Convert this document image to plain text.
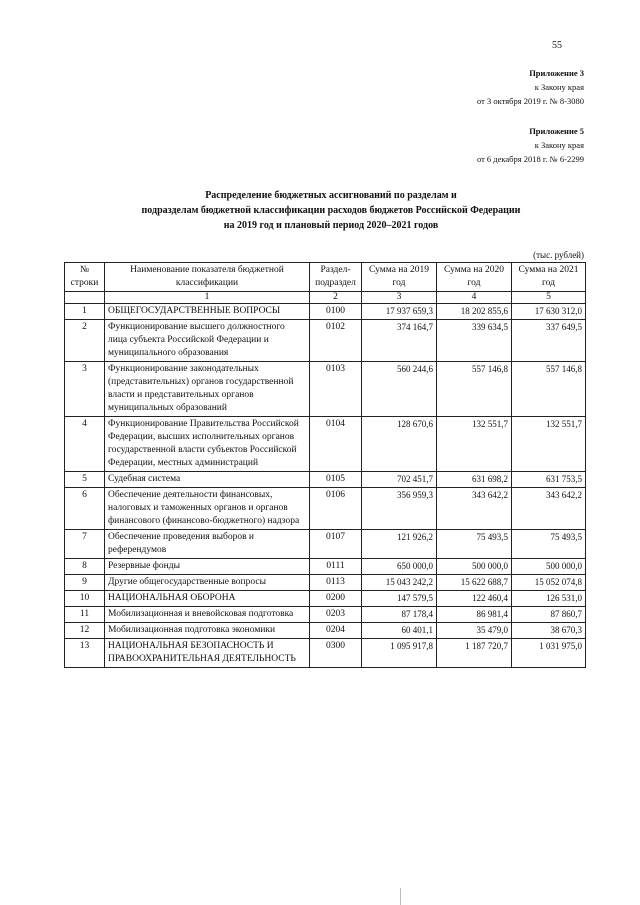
55
Приложение 3
к Закону края
от 3 октября 2019 г. № 8-3080
Приложение 5
к Закону края
от 6 декабря 2018 г. № 6-2299
Распределение бюджетных ассигнований по разделам и
подразделам бюджетной классификации расходов бюджетов Российской Федерации
на 2019 год и плановый период 2020–2021 годов
(тыс. рублей)
№ строки	Наименование показателя бюджетной классификации	Раздел-подраздел	Сумма на 2019 год	Сумма на 2020 год	Сумма на 2021 год
	1	2	3	4	5
1	ОБЩЕГОСУДАРСТВЕННЫЕ ВОПРОСЫ	0100	17 937 659,3	18 202 855,6	17 630 312,0
2	Функционирование высшего должностного лица субъекта Российской Федерации и муниципального образования	0102	374 164,7	339 634,5	337 649,5
3	Функционирование законодательных (представительных) органов государственной власти и представительных органов муниципальных образований	0103	560 244,6	557 146,8	557 146,8
4	Функционирование Правительства Российской Федерации, высших исполнительных органов государственной власти субъектов Российской Федерации, местных администраций	0104	128 670,6	132 551,7	132 551,7
5	Судебная система	0105	702 451,7	631 698,2	631 753,5
6	Обеспечение деятельности финансовых, налоговых и таможенных органов и органов финансового (финансово-бюджетного) надзора	0106	356 959,3	343 642,2	343 642,2
7	Обеспечение проведения выборов и референдумов	0107	121 926,2	75 493,5	75 493,5
8	Резервные фонды	0111	650 000,0	500 000,0	500 000,0
9	Другие общегосударственные вопросы	0113	15 043 242,2	15 622 688,7	15 052 074,8
10	НАЦИОНАЛЬНАЯ ОБОРОНА	0200	147 579,5	122 460,4	126 531,0
11	Мобилизационная и вневойсковая подготовка	0203	87 178,4	86 981,4	87 860,7
12	Мобилизационная подготовка экономики	0204	60 401,1	35 479,0	38 670,3
13	НАЦИОНАЛЬНАЯ БЕЗОПАСНОСТЬ И ПРАВООХРАНИТЕЛЬНАЯ ДЕЯТЕЛЬНОСТЬ	0300	1 095 917,8	1 187 720,7	1 031 975,0
